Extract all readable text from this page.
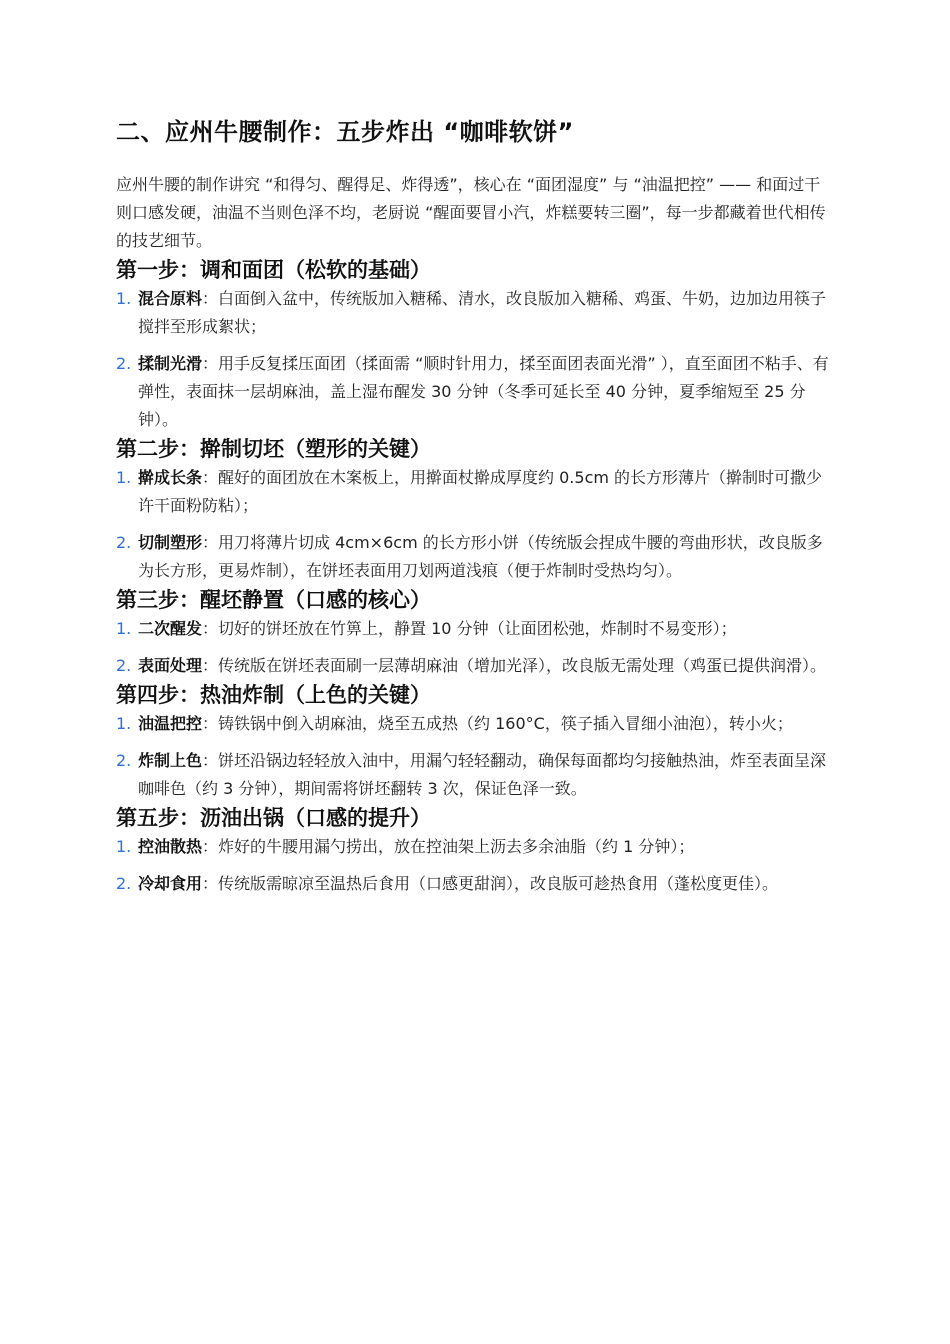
二、应州牛腰制作：五步炸出 “咖啡软饼”

应州牛腰的制作讲究 “和得匀、醒得足、炸得透”，核心在 “面团湿度” 与 “油温把控” —— 和面过干则口感发硬，油温不当则色泽不均，老厨说 “醒面要冒小汽，炸糕要转三圈”，每一步都藏着世代相传的技艺细节。

第一步：调和面团（松软的基础）
1. 混合原料：白面倒入盆中，传统版加入糖稀、清水，改良版加入糖稀、鸡蛋、牛奶，边加边用筷子搅拌至形成絮状；
2. 揉制光滑：用手反复揉压面团（揉面需 “顺时针用力，揉至面团表面光滑” ），直至面团不粘手、有弹性，表面抹一层胡麻油，盖上湿布醒发 30 分钟（冬季可延长至 40 分钟，夏季缩短至 25 分钟）。
第二步：擀制切坯（塑形的关键）
1. 擀成长条：醒好的面团放在木案板上，用擀面杖擀成厚度约 0.5cm 的长方形薄片（擀制时可撒少许干面粉防粘）；
2. 切制塑形：用刀将薄片切成 4cm×6cm 的长方形小饼（传统版会捏成牛腰的弯曲形状，改良版多为长方形，更易炸制），在饼坯表面用刀划两道浅痕（便于炸制时受热均匀）。
第三步：醒坯静置（口感的核心）
1. 二次醒发：切好的饼坯放在竹箅上，静置 10 分钟（让面团松弛，炸制时不易变形）；
2. 表面处理：传统版在饼坯表面刷一层薄胡麻油（增加光泽），改良版无需处理（鸡蛋已提供润滑）。
第四步：热油炸制（上色的关键）
1. 油温把控：铸铁锅中倒入胡麻油，烧至五成热（约 160°C，筷子插入冒细小油泡），转小火；
2. 炸制上色：饼坯沿锅边轻轻放入油中，用漏勺轻轻翻动，确保每面都均匀接触热油，炸至表面呈深咖啡色（约 3 分钟），期间需将饼坯翻转 3 次，保证色泽一致。
第五步：沥油出锅（口感的提升）
1. 控油散热：炸好的牛腰用漏勺捞出，放在控油架上沥去多余油脂（约 1 分钟）；
2. 冷却食用：传统版需晾凉至温热后食用（口感更甜润），改良版可趁热食用（蓬松度更佳）。
